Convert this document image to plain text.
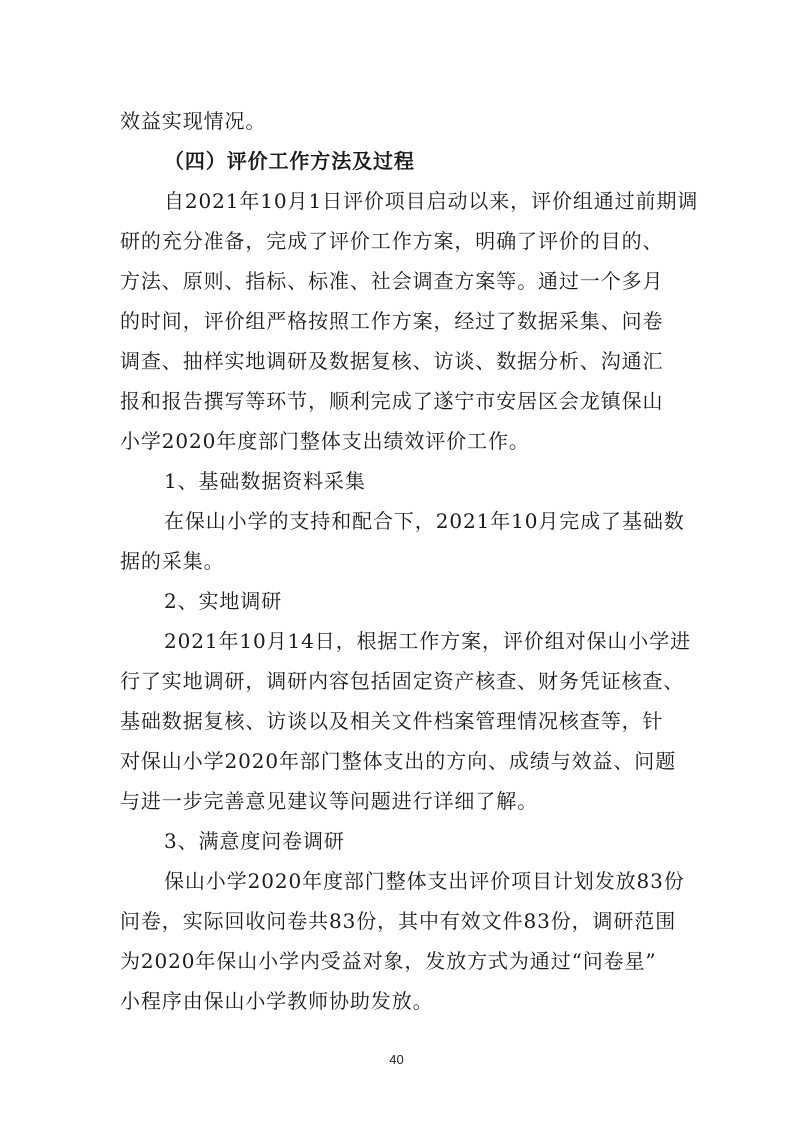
效益实现情况。
（四）评价工作方法及过程
自2021年10月1日评价项目启动以来，评价组通过前期调
研的充分准备，完成了评价工作方案，明确了评价的目的、
方法、原则、指标、标准、社会调查方案等。通过一个多月
的时间，评价组严格按照工作方案，经过了数据采集、问卷
调查、抽样实地调研及数据复核、访谈、数据分析、沟通汇
报和报告撰写等环节，顺利完成了遂宁市安居区会龙镇保山
小学2020年度部门整体支出绩效评价工作。
1、基础数据资料采集
在保山小学的支持和配合下，2021年10月完成了基础数
据的采集。
2、实地调研
2021年10月14日，根据工作方案，评价组对保山小学进
行了实地调研，调研内容包括固定资产核查、财务凭证核查、
基础数据复核、访谈以及相关文件档案管理情况核查等，针
对保山小学2020年部门整体支出的方向、成绩与效益、问题
与进一步完善意见建议等问题进行详细了解。
3、满意度问卷调研
保山小学2020年度部门整体支出评价项目计划发放83份
问卷，实际回收问卷共83份，其中有效文件83份，调研范围
为2020年保山小学内受益对象，发放方式为通过“问卷星”
小程序由保山小学教师协助发放。
40
